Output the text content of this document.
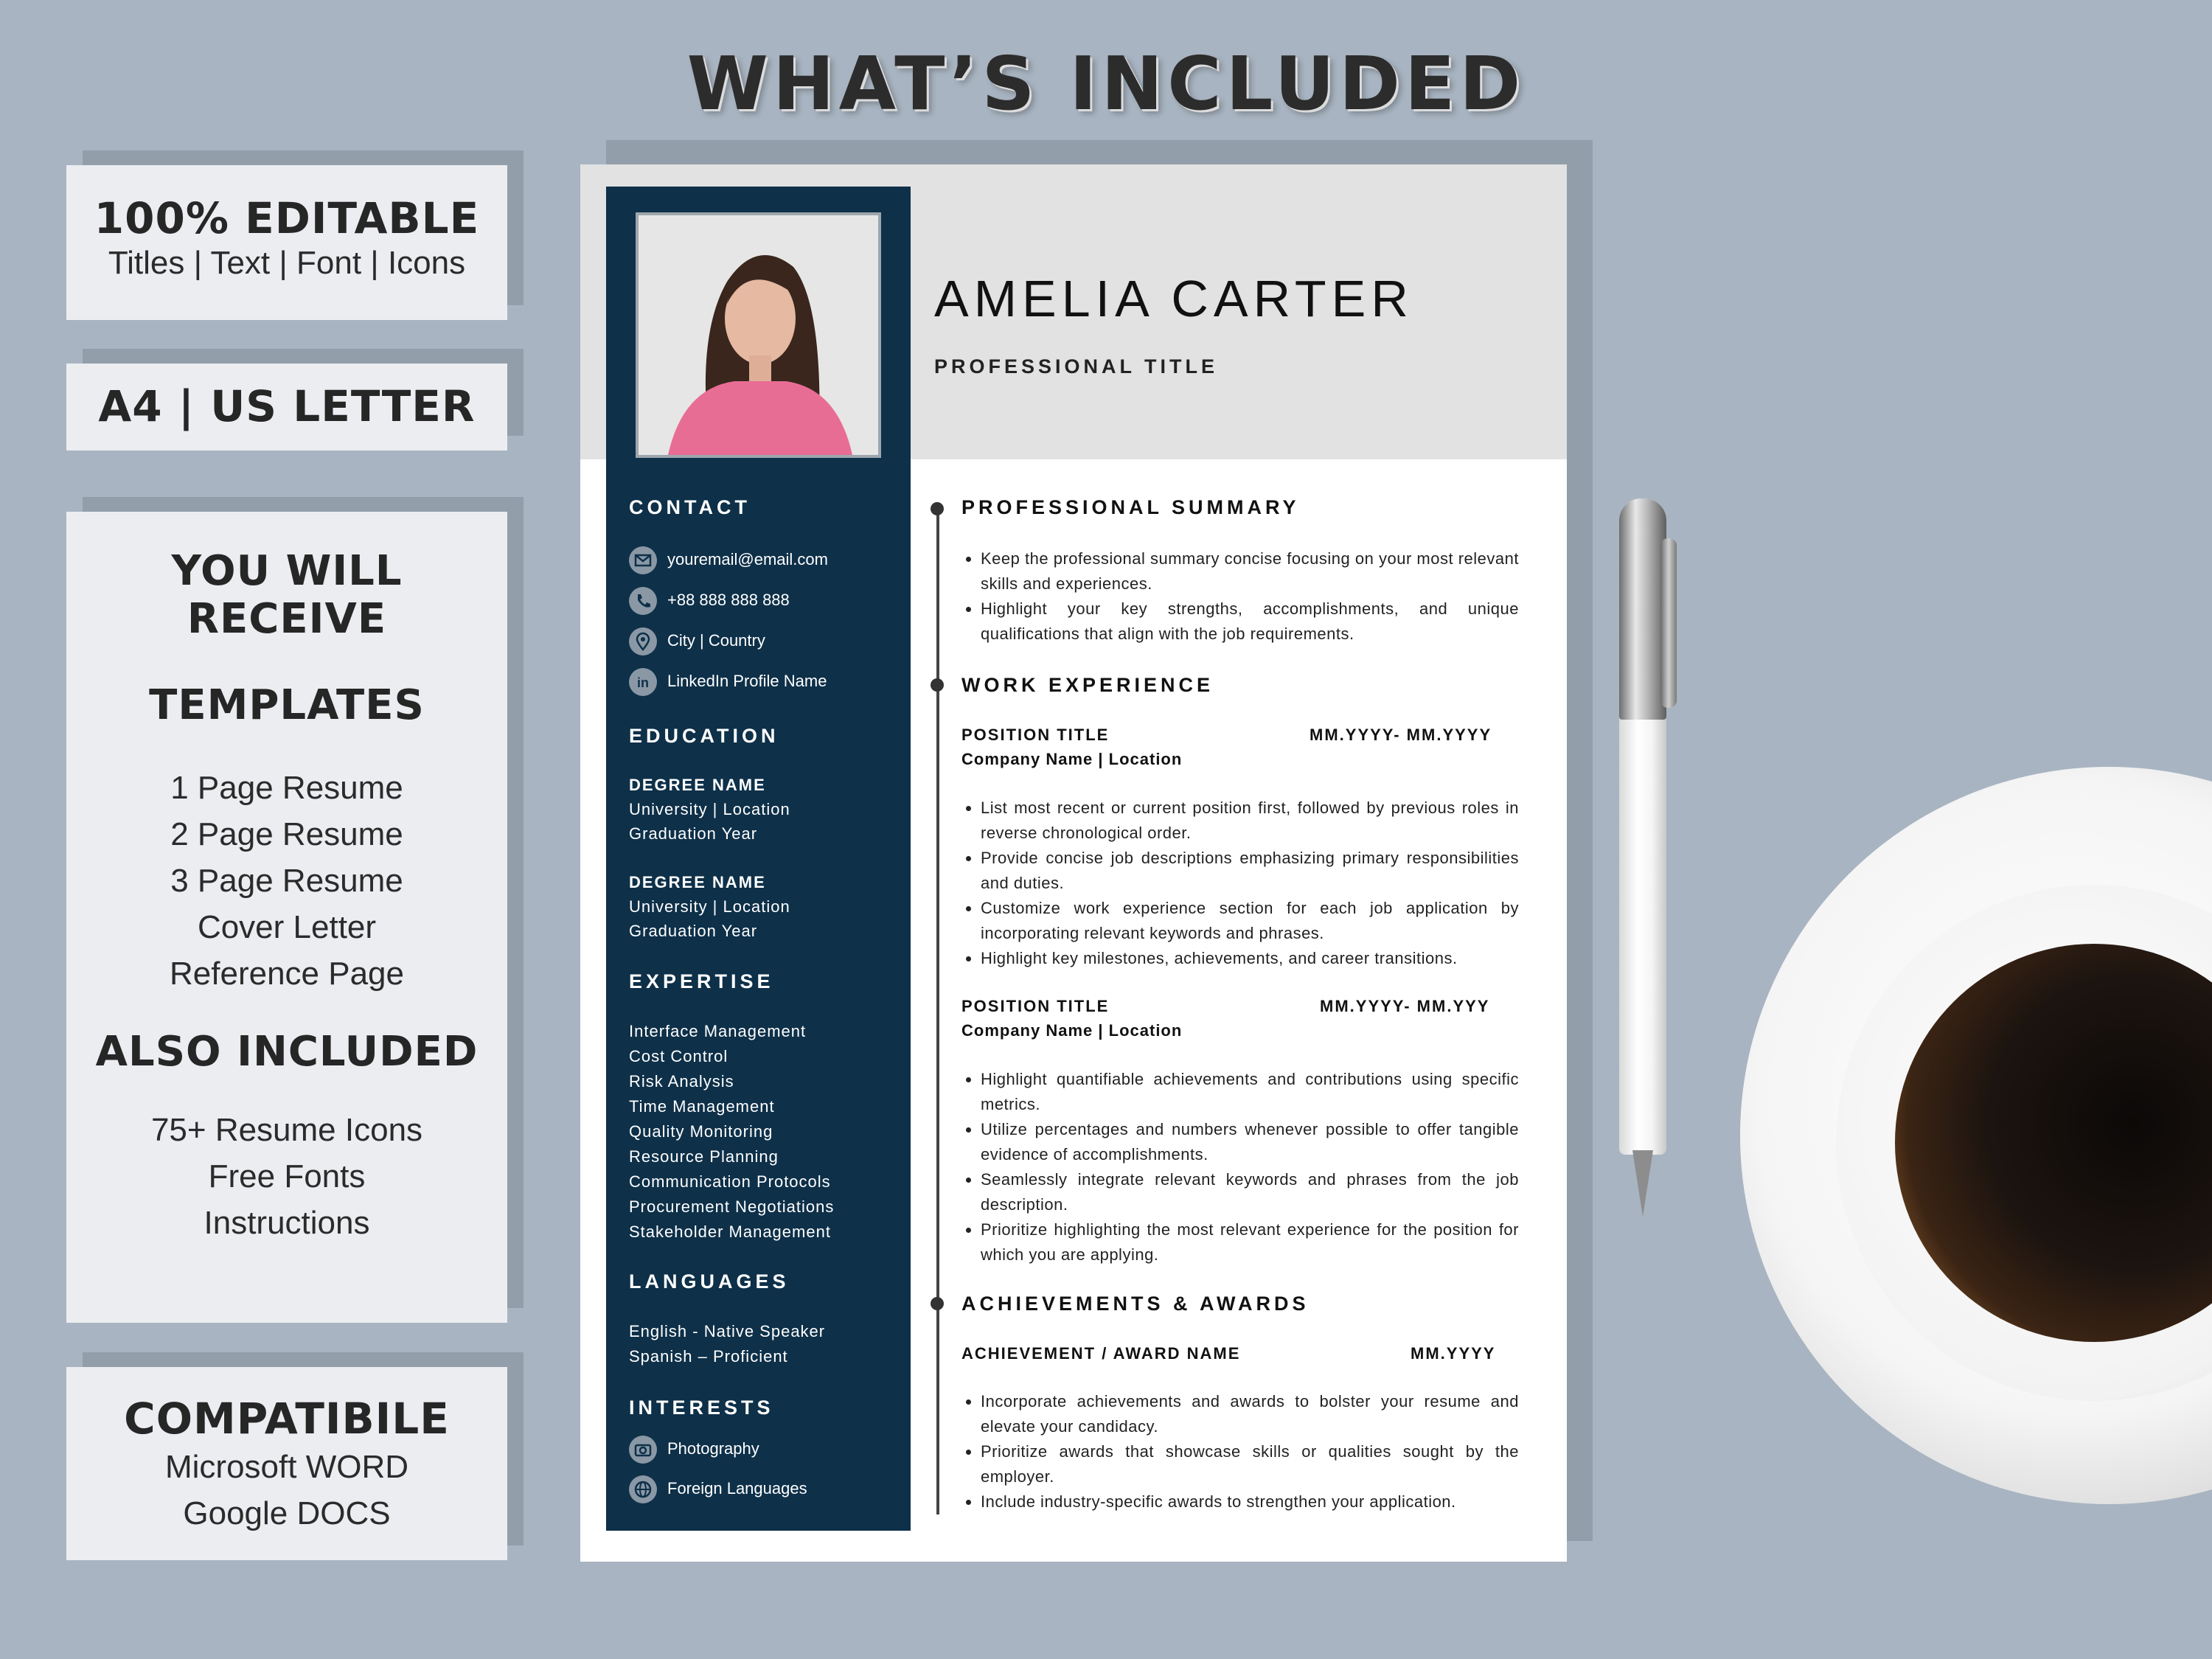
WHAT’S INCLUDED
100% EDITABLE
Titles | Text | Font | Icons
A4 | US LETTER
YOU WILL RECEIVE
TEMPLATES
1 Page Resume
2 Page Resume
3 Page Resume
Cover Letter
Reference Page
ALSO INCLUDED
75+ Resume Icons
Free Fonts
Instructions
COMPATIBILE
Microsoft WORD
Google DOCS
AMELIA CARTER
PROFESSIONAL TITLE
CONTACT
youremail@email.com
+88 888 888 888
City | Country
in LinkedIn Profile Name
EDUCATION
DEGREE NAME
University | Location
Graduation Year
DEGREE NAME
University | Location
Graduation Year
EXPERTISE
Interface Management
Cost Control
Risk Analysis
Time Management
Quality Monitoring
Resource Planning
Communication Protocols
Procurement Negotiations
Stakeholder Management
LANGUAGES
English - Native Speaker
Spanish – Proficient
INTERESTS
Photography
Foreign Languages
PROFESSIONAL SUMMARY
• Keep the professional summary concise focusing on your most relevant skills and experiences.
• Highlight your key strengths, accomplishments, and unique qualifications that align with the job requirements.
WORK EXPERIENCE
POSITION TITLE	MM.YYYY- MM.YYYY
Company Name | Location
• List most recent or current position first, followed by previous roles in reverse chronological order.
• Provide concise job descriptions emphasizing primary responsibilities and duties.
• Customize work experience section for each job application by incorporating relevant keywords and phrases.
• Highlight key milestones, achievements, and career transitions.
POSITION TITLE	MM.YYYY- MM.YYY
Company Name | Location
• Highlight quantifiable achievements and contributions using specific metrics.
• Utilize percentages and numbers whenever possible to offer tangible evidence of accomplishments.
• Seamlessly integrate relevant keywords and phrases from the job description.
• Prioritize highlighting the most relevant experience for the position for which you are applying.
ACHIEVEMENTS & AWARDS
ACHIEVEMENT / AWARD NAME	MM.YYYY
• Incorporate achievements and awards to bolster your resume and elevate your candidacy.
• Prioritize awards that showcase skills or qualities sought by the employer.
• Include industry-specific awards to strengthen your application.
